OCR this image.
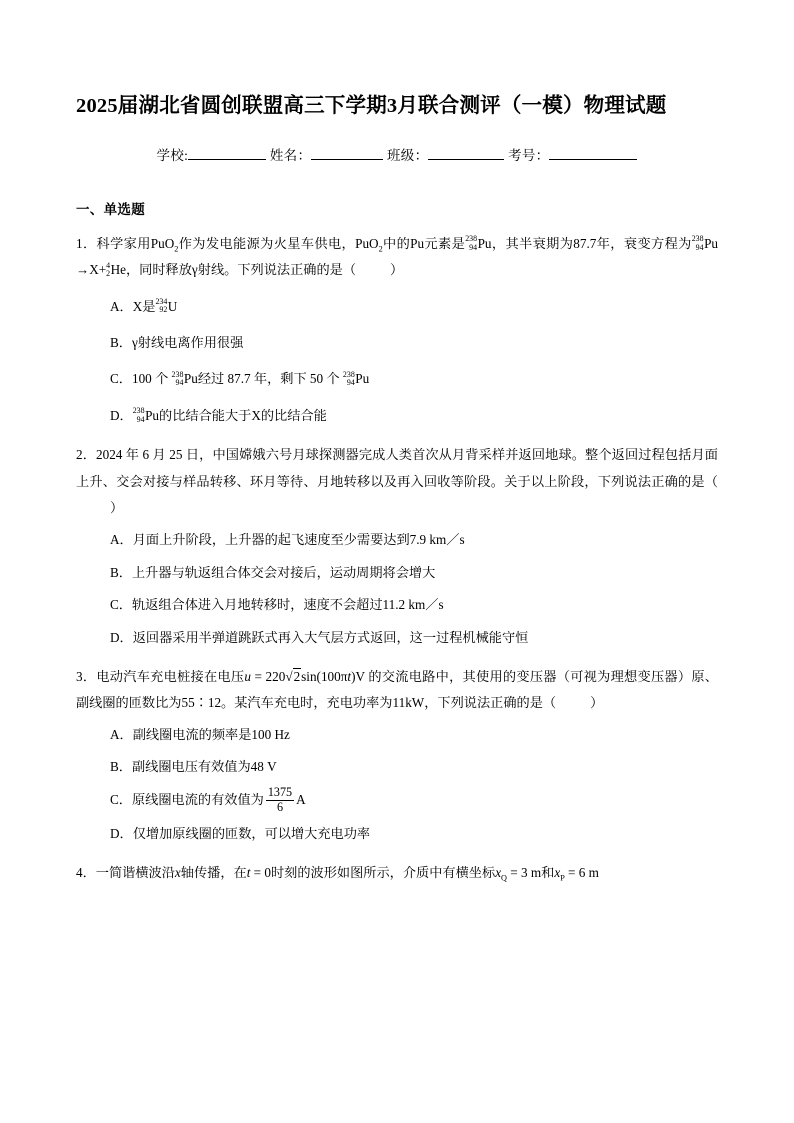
2025届湖北省圆创联盟高三下学期3月联合测评（一模）物理试题
学校:	姓名：	班级：	考号：
一、单选题
1．科学家用PuO$_2$作为发电能源为火星车供电，PuO$_2$中的Pu元素是 238
94 Pu，其半衰期为87.7年，衰变方程为 238
94 Pu→X+ 4
2 He，同时释放γ射线。下列说法正确的是（	）
A．X是 234
92 U
B．γ射线电离作用很强
C．100 个 238
94 Pu经过 87.7 年，剩下 50 个 238
94 Pu
D． 238
94 Pu的比结合能大于X的比结合能
2．2024 年 6 月 25 日，中国嫦娥六号月球探测器完成人类首次从月背采样并返回地球。整个返回过程包括月面上升、交会对接与样品转移、环月等待、月地转移以及再入回收等阶段。关于以上阶段，下列说法正确的是（）
A．月面上升阶段，上升器的起飞速度至少需要达到7.9 km／s
B．上升器与轨返组合体交会对接后，运动周期将会增大
C．轨返组合体进入月地转移时，速度不会超过11.2 km／s
D．返回器采用半弹道跳跃式再入大气层方式返回，这一过程机械能守恒
3．电动汽车充电桩接在电压u = 220√2sin(100πt)V 的交流电路中，其使用的变压器（可视为理想变压器）原、副线圈的匝数比为55∶12。某汽车充电时，充电功率为11kW，下列说法正确的是（	）
A．副线圈电流的频率是100 Hz
B．副线圈电压有效值为48 V
C．原线圈电流的有效值为 $\frac{1375}{6}$ A
D．仅增加原线圈的匝数，可以增大充电功率
4．一简谐横波沿x轴传播，在t = 0时刻的波形如图所示，介质中有横坐标$x_Q = 3$ m和$x_P = 6$ m
